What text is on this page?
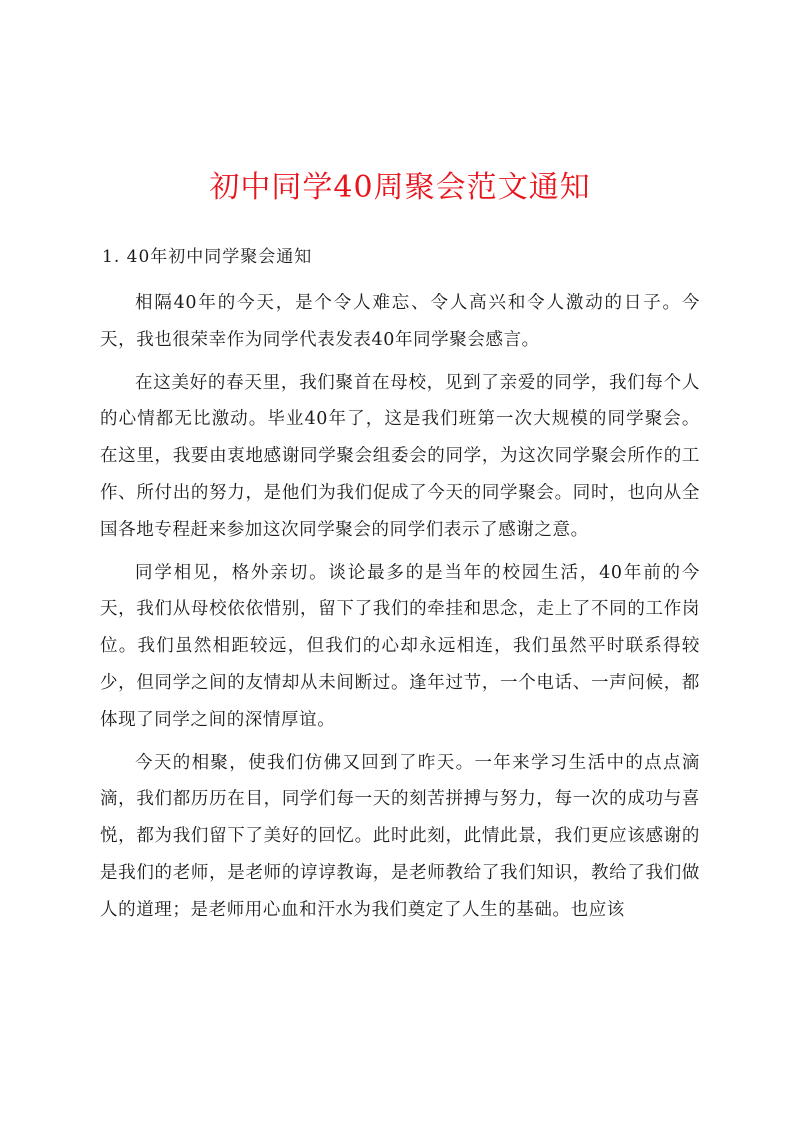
初中同学40周聚会范文通知

1. 40年初中同学聚会通知

相隔40年的今天，是个令人难忘、令人高兴和令人激动的日子。今天，我也很荣幸作为同学代表发表40年同学聚会感言。

在这美好的春天里，我们聚首在母校，见到了亲爱的同学，我们每个人的心情都无比激动。毕业40年了，这是我们班第一次大规模的同学聚会。在这里，我要由衷地感谢同学聚会组委会的同学，为这次同学聚会所作的工作、所付出的努力，是他们为我们促成了今天的同学聚会。同时，也向从全国各地专程赶来参加这次同学聚会的同学们表示了感谢之意。

同学相见，格外亲切。谈论最多的是当年的校园生活，40年前的今天，我们从母校依依惜别，留下了我们的牵挂和思念，走上了不同的工作岗位。我们虽然相距较远，但我们的心却永远相连，我们虽然平时联系得较少，但同学之间的友情却从未间断过。逢年过节，一个电话、一声问候，都体现了同学之间的深情厚谊。

今天的相聚，使我们仿佛又回到了昨天。一年来学习生活中的点点滴滴，我们都历历在目，同学们每一天的刻苦拼搏与努力，每一次的成功与喜悦，都为我们留下了美好的回忆。此时此刻，此情此景，我们更应该感谢的是我们的老师，是老师的谆谆教诲，是老师教给了我们知识，教给了我们做人的道理；是老师用心血和汗水为我们奠定了人生的基础。也应该
